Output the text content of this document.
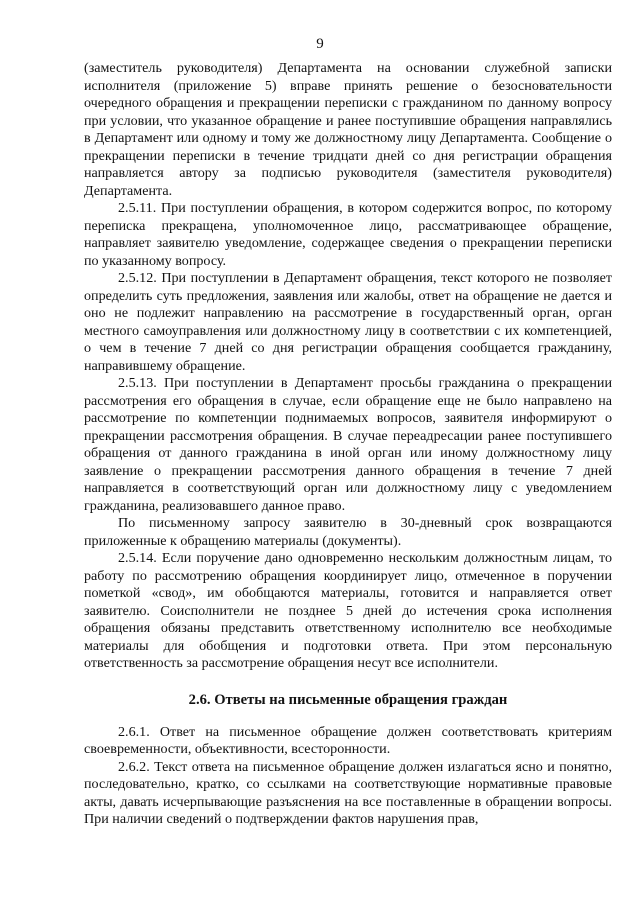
9

(заместитель руководителя) Департамента на основании служебной записки исполнителя (приложение 5) вправе принять решение о безосновательности очередного обращения и прекращении переписки с гражданином по данному вопросу при условии, что указанное обращение и ранее поступившие обращения направлялись в Департамент или одному и тому же должностному лицу Департамента. Сообщение о прекращении переписки в течение тридцати дней со дня регистрации обращения направляется автору за подписью руководителя (заместителя руководителя) Департамента.

2.5.11. При поступлении обращения, в котором содержится вопрос, по которому переписка прекращена, уполномоченное лицо, рассматривающее обращение, направляет заявителю уведомление, содержащее сведения о прекращении переписки по указанному вопросу.

2.5.12. При поступлении в Департамент обращения, текст которого не позволяет определить суть предложения, заявления или жалобы, ответ на обращение не дается и оно не подлежит направлению на рассмотрение в государственный орган, орган местного самоуправления или должностному лицу в соответствии с их компетенцией, о чем в течение 7 дней со дня регистрации обращения сообщается гражданину, направившему обращение.

2.5.13. При поступлении в Департамент просьбы гражданина о прекращении рассмотрения его обращения в случае, если обращение еще не было направлено на рассмотрение по компетенции поднимаемых вопросов, заявителя информируют о прекращении рассмотрения обращения. В случае переадресации ранее поступившего обращения от данного гражданина в иной орган или иному должностному лицу заявление о прекращении рассмотрения данного обращения в течение 7 дней направляется в соответствующий орган или должностному лицу с уведомлением гражданина, реализовавшего данное право.

По письменному запросу заявителю в 30-дневный срок возвращаются приложенные к обращению материалы (документы).

2.5.14. Если поручение дано одновременно нескольким должностным лицам, то работу по рассмотрению обращения координирует лицо, отмеченное в поручении пометкой «свод», им обобщаются материалы, готовится и направляется ответ заявителю. Соисполнители не позднее 5 дней до истечения срока исполнения обращения обязаны представить ответственному исполнителю все необходимые материалы для обобщения и подготовки ответа. При этом персональную ответственность за рассмотрение обращения несут все исполнители.

2.6. Ответы на письменные обращения граждан

2.6.1. Ответ на письменное обращение должен соответствовать критериям своевременности, объективности, всесторонности.

2.6.2. Текст ответа на письменное обращение должен излагаться ясно и понятно, последовательно, кратко, со ссылками на соответствующие нормативные правовые акты, давать исчерпывающие разъяснения на все поставленные в обращении вопросы. При наличии сведений о подтверждении фактов нарушения прав,
